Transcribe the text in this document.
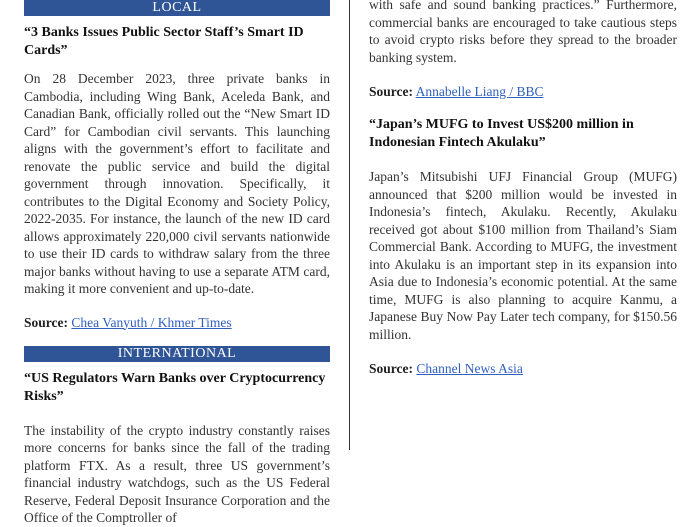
LOCAL

“3 Banks Issues Public Sector Staff’s Smart ID Cards”

On 28 December 2023, three private banks in Cambodia, including Wing Bank, Aceleda Bank, and Canadian Bank, officially rolled out the “New Smart ID Card” for Cambodian civil servants. This launching aligns with the government’s effort to facilitate and renovate the public service and build the digital government through innovation. Specifically, it contributes to the Digital Economy and Society Policy, 2022-2035. For instance, the launch of the new ID card allows approximately 220,000 civil servants nationwide to use their ID cards to withdraw salary from the three major banks without having to use a separate ATM card, making it more convenient and up-to-date.

Source: Chea Vanyuth / Khmer Times

INTERNATIONAL

“US Regulators Warn Banks over Cryptocurrency Risks”

The instability of the crypto industry constantly raises more concerns for banks since the fall of the trading platform FTX. As a result, three US government’s financial industry watchdogs, such as the US Federal Reserve, Federal Deposit Insurance Corporation and the Office of the Comptroller of

with safe and sound banking practices.” Furthermore, commercial banks are encouraged to take cautious steps to avoid crypto risks before they spread to the broader banking system.

Source: Annabelle Liang / BBC

“Japan’s MUFG to Invest US$200 million in Indonesian Fintech Akulaku”

Japan’s Mitsubishi UFJ Financial Group (MUFG) announced that $200 million would be invested in Indonesia’s fintech, Akulaku. Recently, Akulaku received got about $100 million from Thailand’s Siam Commercial Bank. According to MUFG, the investment into Akulaku is an important step in its expansion into Asia due to Indonesia’s economic potential. At the same time, MUFG is also planning to acquire Kanmu, a Japanese Buy Now Pay Later tech company, for $150.56 million.

Source: Channel News Asia
